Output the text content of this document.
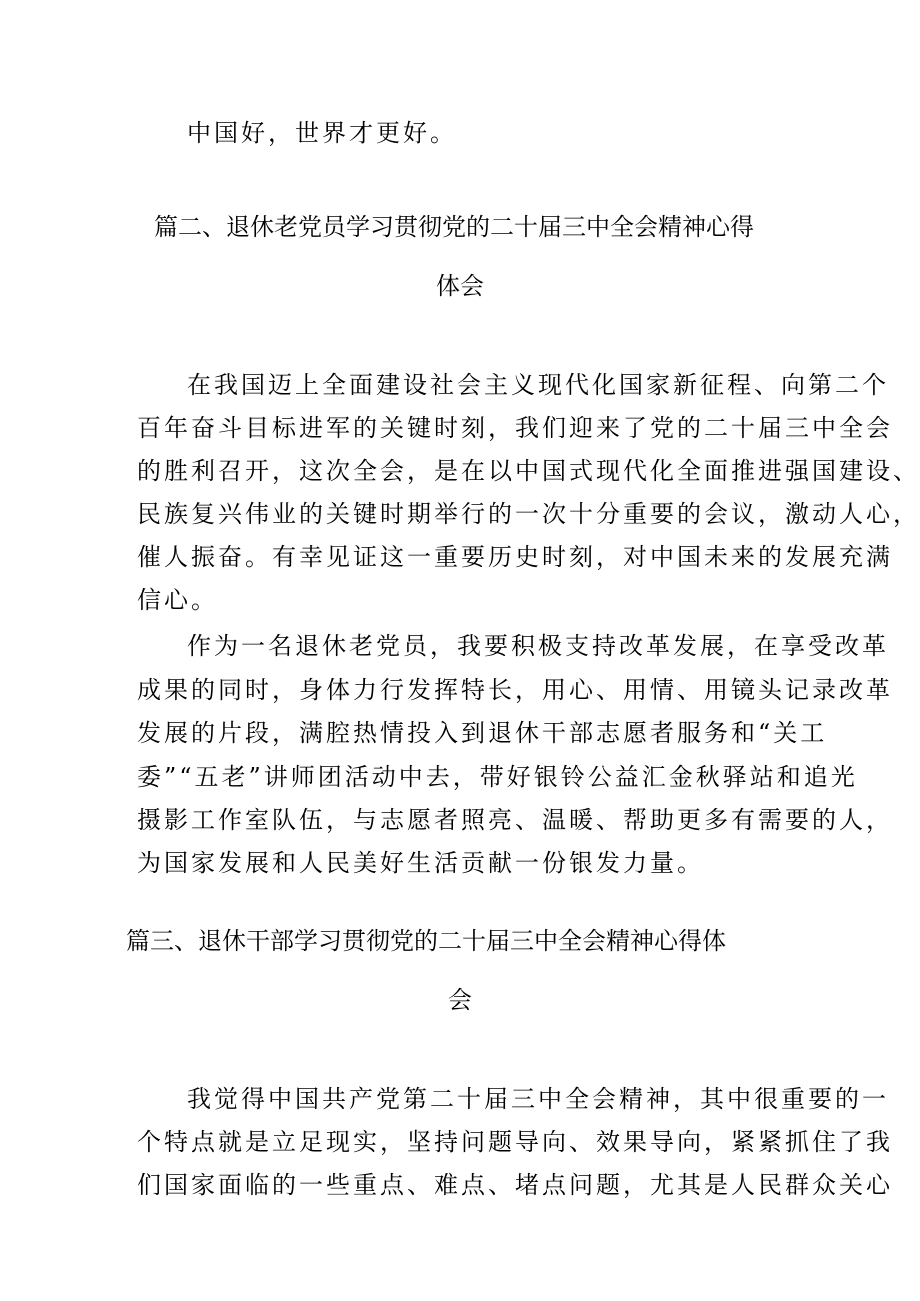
中国好，世界才更好。
篇二、退休老党员学习贯彻党的二十届三中全会精神心得
体会
在我国迈上全面建设社会主义现代化国家新征程、向第二个
百年奋斗目标进军的关键时刻，我们迎来了党的二十届三中全会
的胜利召开，这次全会，是在以中国式现代化全面推进强国建设、
民族复兴伟业的关键时期举行的一次十分重要的会议，激动人心，
催人振奋。有幸见证这一重要历史时刻，对中国未来的发展充满
信心。
作为一名退休老党员，我要积极支持改革发展，在享受改革
成果的同时，身体力行发挥特长，用心、用情、用镜头记录改革
发展的片段，满腔热情投入到退休干部志愿者服务和“关工
委”“五老”讲师团活动中去，带好银铃公益汇金秋驿站和追光
摄影工作室队伍，与志愿者照亮、温暖、帮助更多有需要的人，
为国家发展和人民美好生活贡献一份银发力量。
篇三、退休干部学习贯彻党的二十届三中全会精神心得体
会
我觉得中国共产党第二十届三中全会精神，其中很重要的一
个特点就是立足现实，坚持问题导向、效果导向，紧紧抓住了我
们国家面临的一些重点、难点、堵点问题，尤其是人民群众关心
